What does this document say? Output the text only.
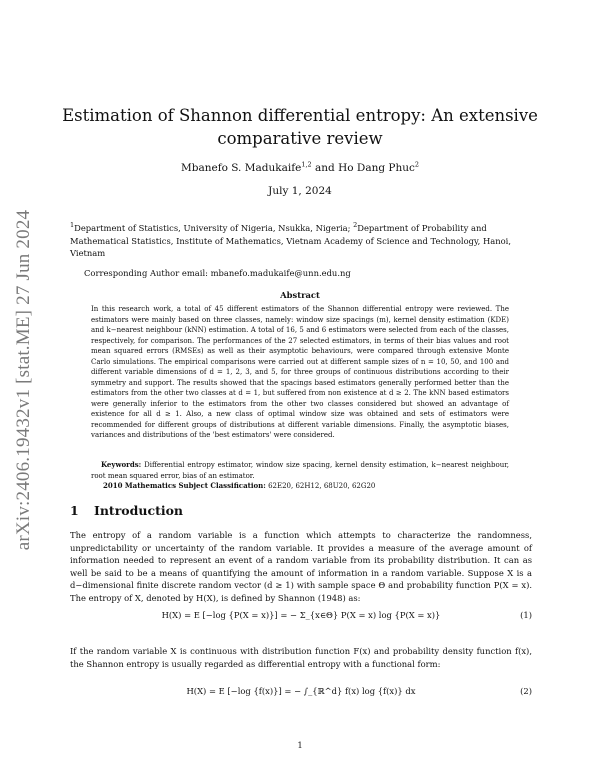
arXiv:2406.19432v1 [stat.ME] 27 Jun 2024
Estimation of Shannon differential entropy: An extensive comparative review
Mbanefo S. Madukaife$^{1,2}$ and Ho Dang Phuc$^2$
July 1, 2024

$^1$Department of Statistics, University of Nigeria, Nsukka, Nigeria; $^2$Department of Probability and Mathematical Statistics, Institute of Mathematics, Vietnam Academy of Science and Technology, Hanoi, Vietnam

Corresponding Author email: mbanefo.madukaife@unn.edu.ng

Abstract

In this research work, a total of 45 different estimators of the Shannon differential entropy were reviewed. The estimators were mainly based on three classes, namely: window size spacings (m), kernel density estimation (KDE) and k−nearest neighbour (kNN) estimation. A total of 16, 5 and 6 estimators were selected from each of the classes, respectively, for comparison. The performances of the 27 selected estimators, in terms of their bias values and root mean squared errors (RMSEs) as well as their asymptotic behaviours, were compared through extensive Monte Carlo simulations. The empirical comparisons were carried out at different sample sizes of n = 10, 50, and 100 and different variable dimensions of d = 1, 2, 3, and 5, for three groups of continuous distributions according to their symmetry and support. The results showed that the spacings based estimators generally performed better than the estimators from the other two classes at d = 1, but suffered from non existence at d ≥ 2. The kNN based estimators were generally inferior to the estimators from the other two classes considered but showed an advantage of existence for all d ≥ 1. Also, a new class of optimal window size was obtained and sets of estimators were recommended for different groups of distributions at different variable dimensions. Finally, the asymptotic biases, variances and distributions of the 'best estimators' were considered.

Keywords: Differential entropy estimator, window size spacing, kernel density estimation, k−nearest neighbour, root mean squared error, bias of an estimator.

2010 Mathematics Subject Classification: 62E20, 62H12, 68U20, 62G20

1 Introduction

The entropy of a random variable is a function which attempts to characterize the randomness, unpredictability or uncertainty of the random variable. It provides a measure of the average amount of information needed to represent an event of a random variable from its probability distribution. It can as well be said to be a means of quantifying the amount of information in a random variable. Suppose X is a d−dimensional finite discrete random vector (d ≥ 1) with sample space Θ and probability function P(X = x). The entropy of X, denoted by H(X), is defined by Shannon (1948) as:

H(X) = E [−log {P(X = x)}] = − Σ_{x∈Θ} P(X = x) log {P(X = x)}	(1)

If the random variable X is continuous with distribution function F(x) and probability density function f(x), the Shannon entropy is usually regarded as differential entropy with a functional form:

H(X) = E [−log {f(x)}] = − ∫_{ℝ^d} f(x) log {f(x)} dx	(2)
1
